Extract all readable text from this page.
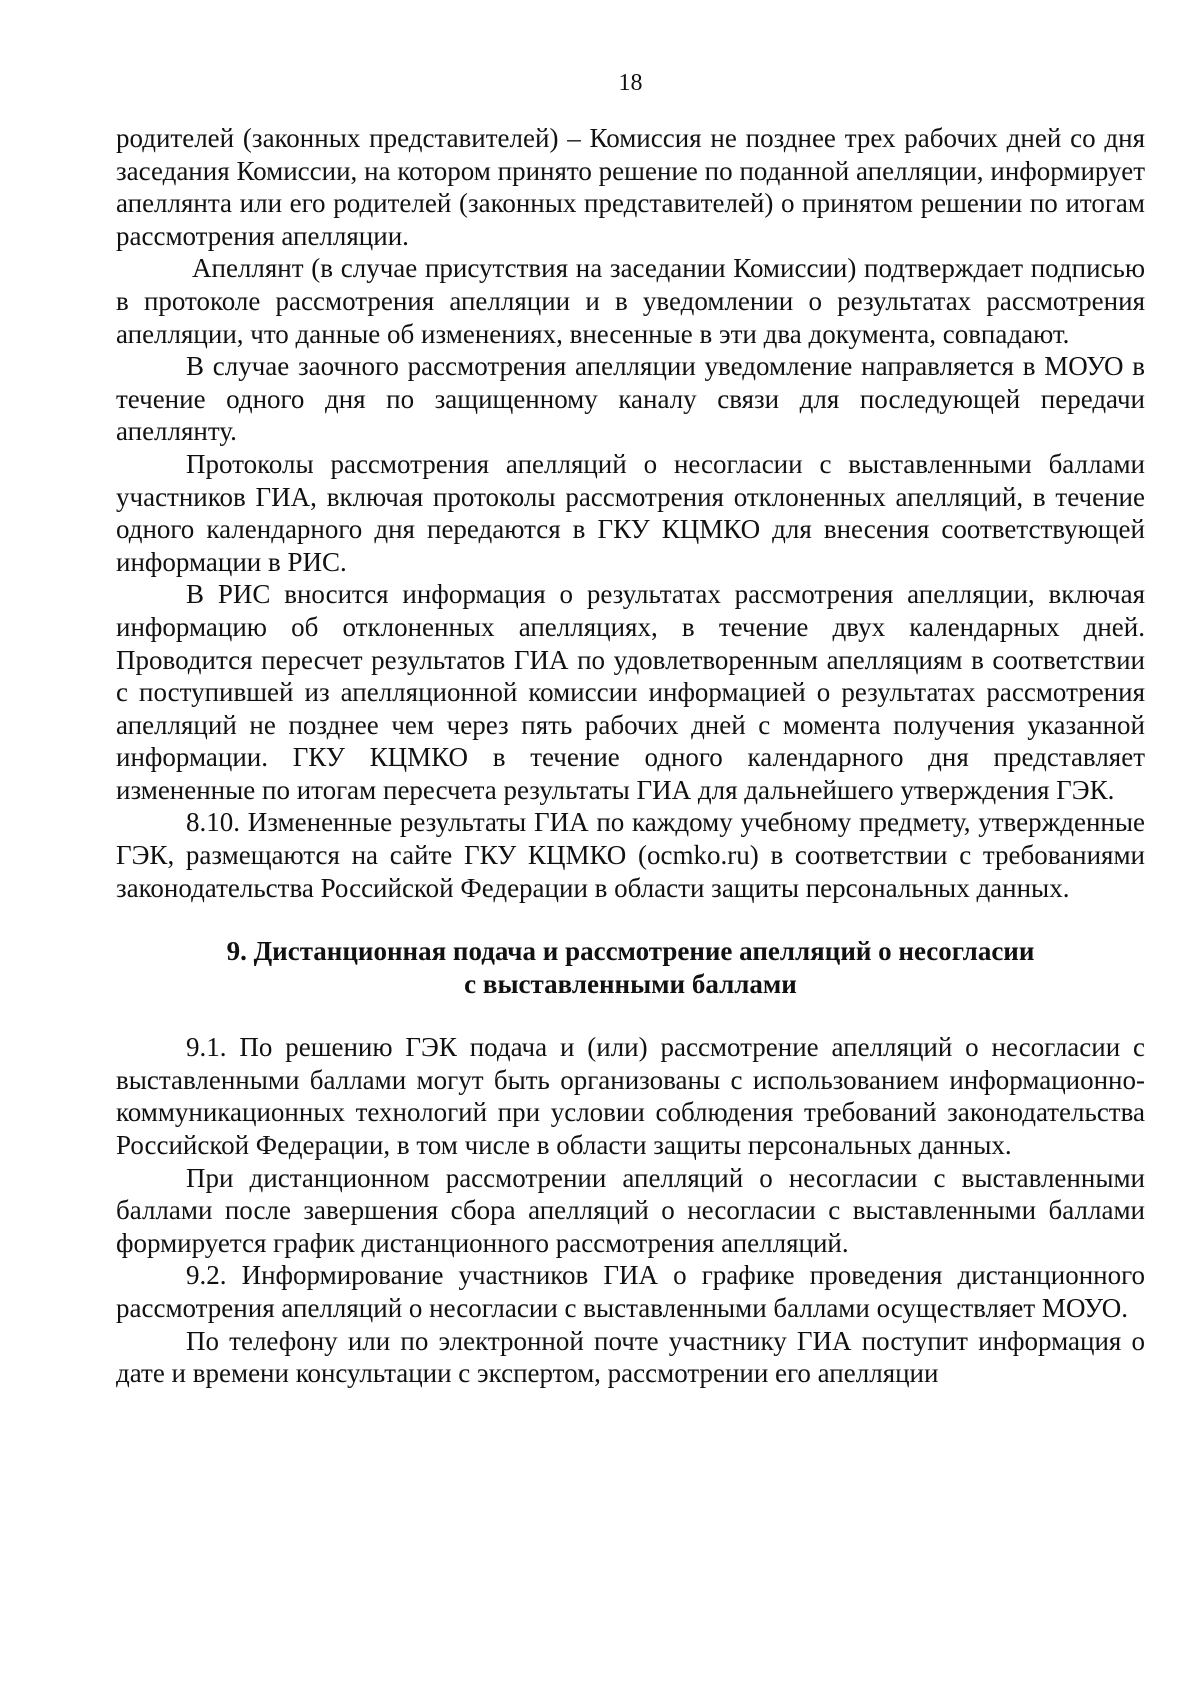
18

родителей (законных представителей) – Комиссия не позднее трех рабочих дней со дня заседания Комиссии, на котором принято решение по поданной апелляции, информирует апеллянта или его родителей (законных представителей) о принятом решении по итогам рассмотрения апелляции.

Апеллянт (в случае присутствия на заседании Комиссии) подтверждает подписью в протоколе рассмотрения апелляции и в уведомлении о результатах рассмотрения апелляции, что данные об изменениях, внесенные в эти два документа, совпадают.

В случае заочного рассмотрения апелляции уведомление направляется в МОУО в течение одного дня по защищенному каналу связи для последующей передачи апеллянту.

Протоколы рассмотрения апелляций о несогласии с выставленными баллами участников ГИА, включая протоколы рассмотрения отклоненных апелляций, в течение одного календарного дня передаются в ГКУ КЦМКО для внесения соответствующей информации в РИС.

В РИС вносится информация о результатах рассмотрения апелляции, включая информацию об отклоненных апелляциях, в течение двух календарных дней. Проводится пересчет результатов ГИА по удовлетворенным апелляциям в соответствии с поступившей из апелляционной комиссии информацией о результатах рассмотрения апелляций не позднее чем через пять рабочих дней с момента получения указанной информации. ГКУ КЦМКО в течение одного календарного дня представляет измененные по итогам пересчета результаты ГИА для дальнейшего утверждения ГЭК.

8.10. Измененные результаты ГИА по каждому учебному предмету, утвержденные ГЭК, размещаются на сайте ГКУ КЦМКО (ocmko.ru) в соответствии с требованиями законодательства Российской Федерации в области защиты персональных данных.

9. Дистанционная подача и рассмотрение апелляций о несогласии
с выставленными баллами

9.1. По решению ГЭК подача и (или) рассмотрение апелляций о несогласии с выставленными баллами могут быть организованы с использованием информационно-коммуникационных технологий при условии соблюдения требований законодательства Российской Федерации, в том числе в области защиты персональных данных.

При дистанционном рассмотрении апелляций о несогласии с выставленными баллами после завершения сбора апелляций о несогласии с выставленными баллами формируется график дистанционного рассмотрения апелляций.

9.2. Информирование участников ГИА о графике проведения дистанционного рассмотрения апелляций о несогласии с выставленными баллами осуществляет МОУО.

По телефону или по электронной почте участнику ГИА поступит информация о дате и времени консультации с экспертом, рассмотрении его апелляции
